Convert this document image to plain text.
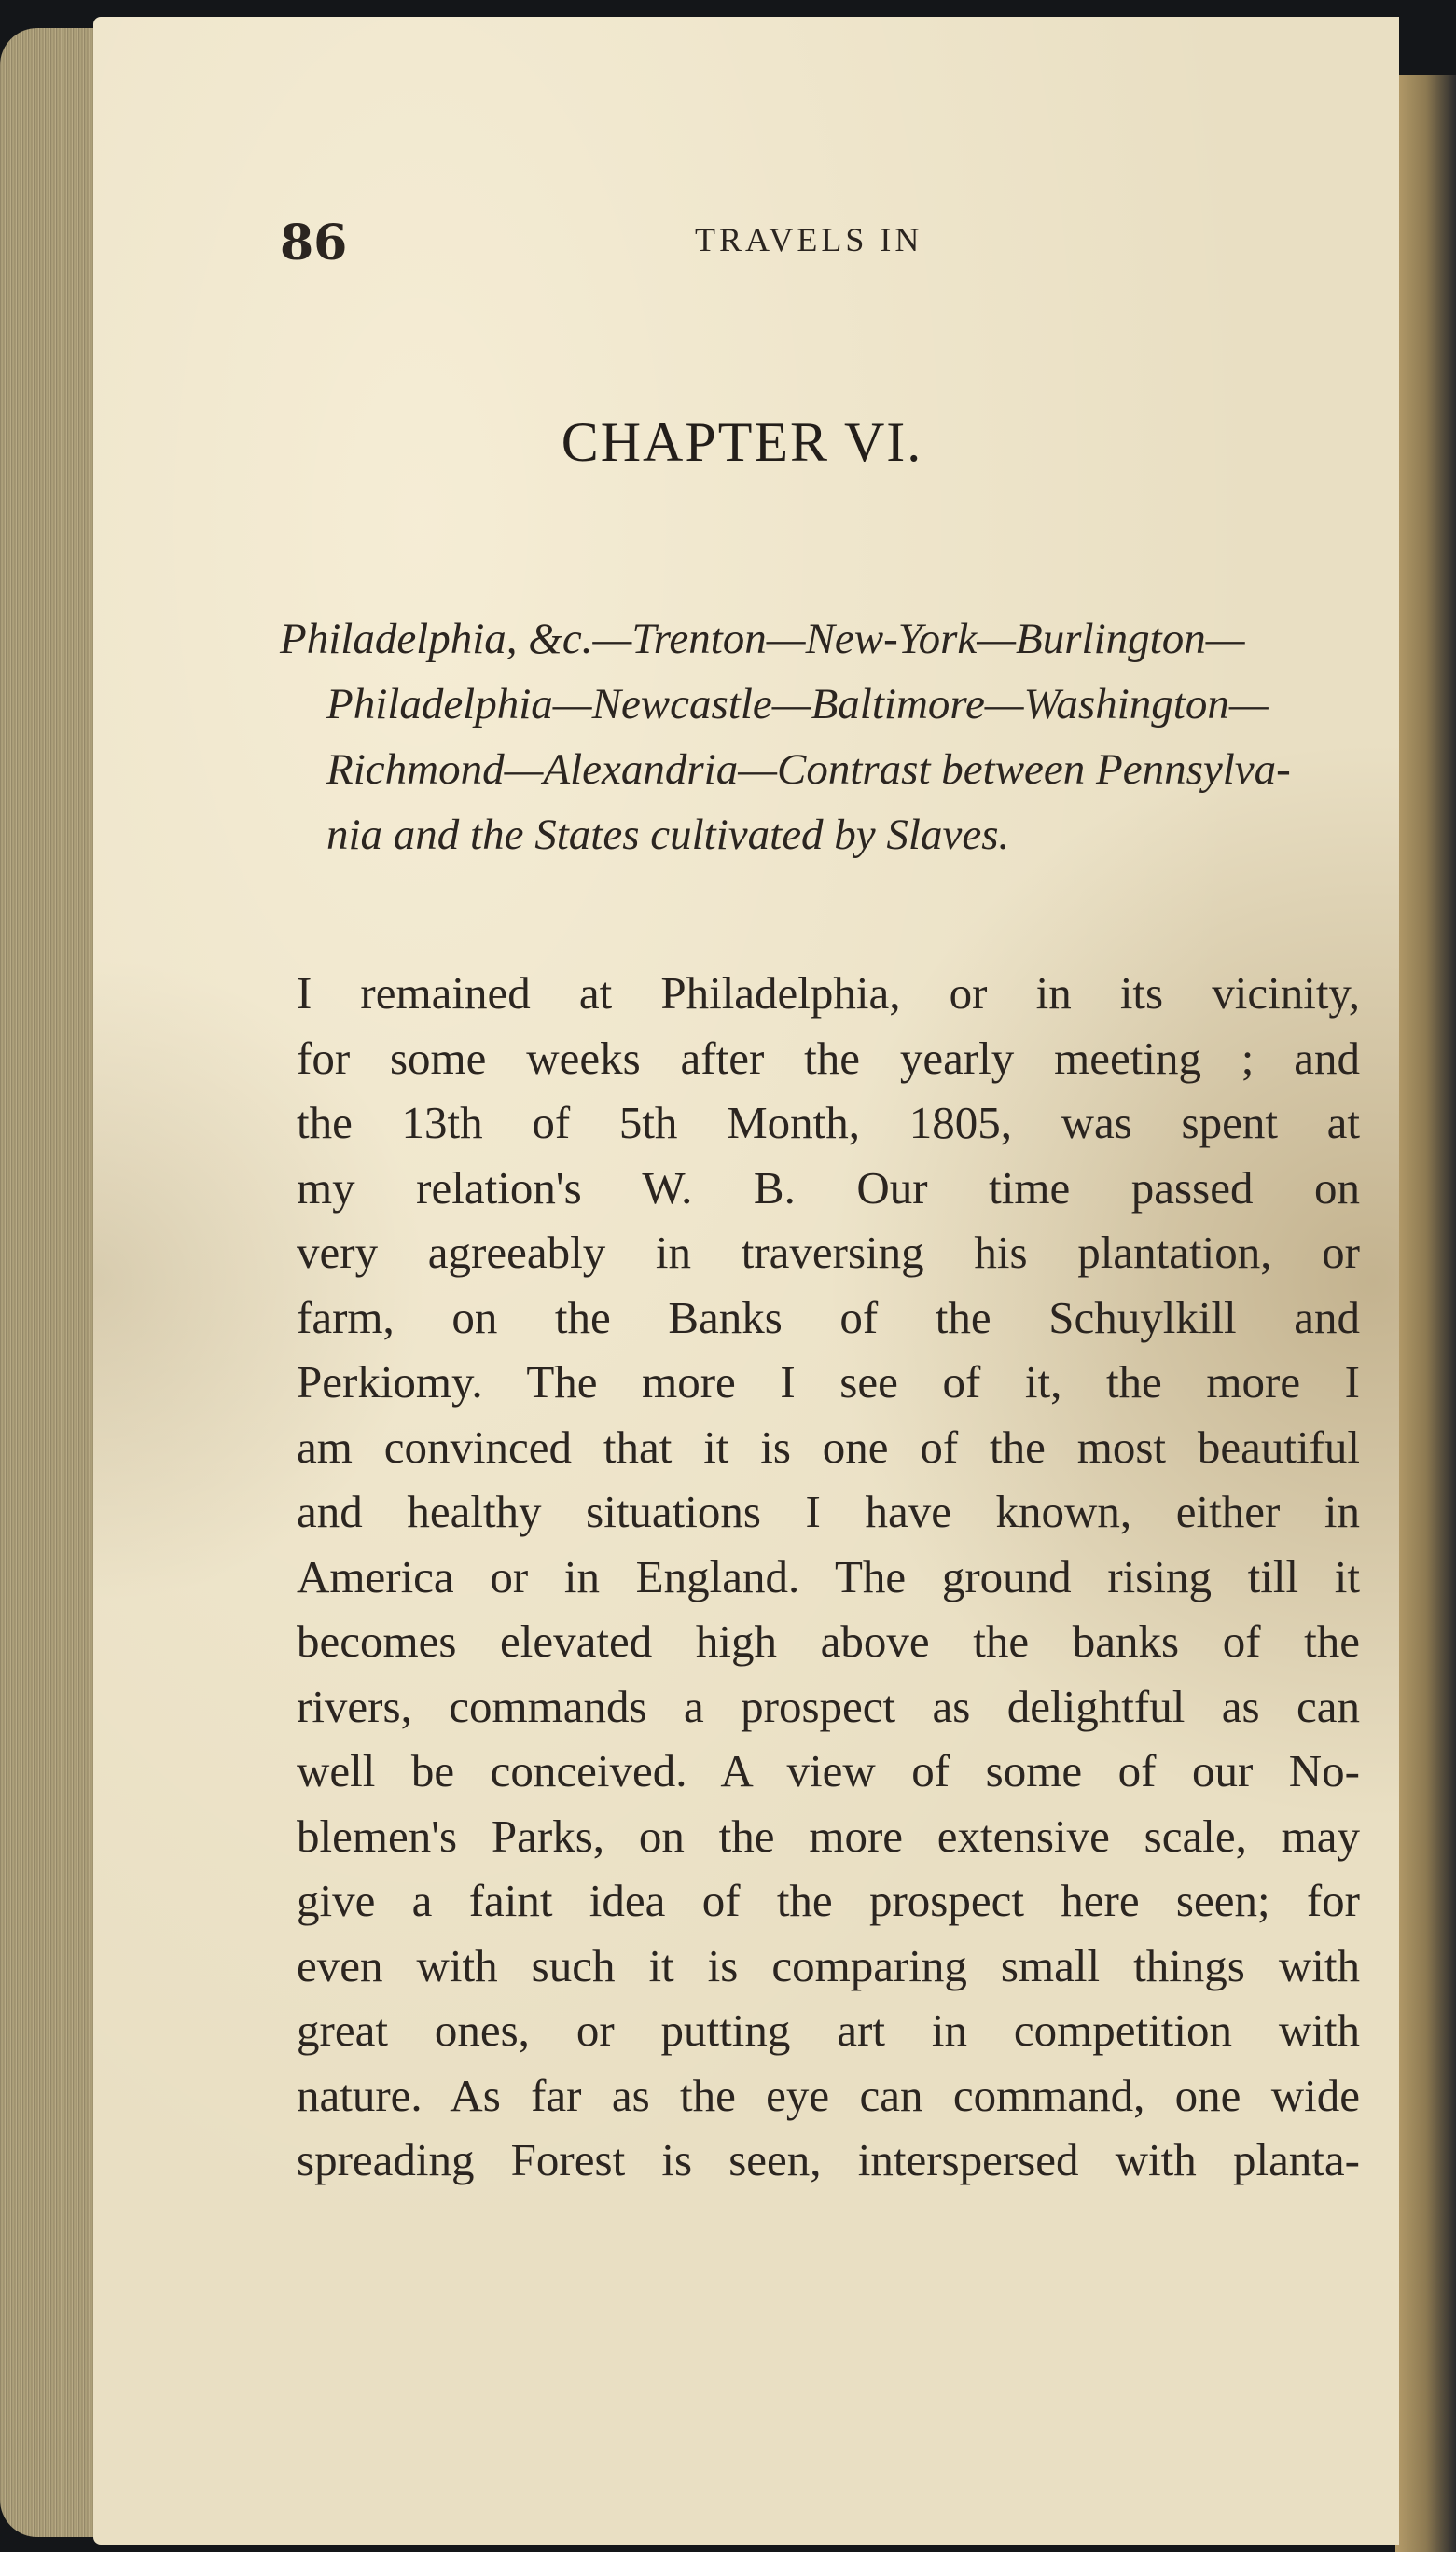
86	TRAVELS IN
CHAPTER VI.
Philadelphia, &c.—Trenton—New-York—Burlington—
Philadelphia—Newcastle—Baltimore—Washington—
Richmond—Alexandria—Contrast between Pennsylva-
nia and the States cultivated by Slaves.
I remained at Philadelphia, or in its vicinity,
for some weeks after the yearly meeting ; and
the 13th of 5th Month, 1805, was spent at
my relation's W. B. Our time passed on
very agreeably in traversing his plantation, or
farm, on the Banks of the Schuylkill and
Perkiomy. The more I see of it, the more I
am convinced that it is one of the most beautiful
and healthy situations I have known, either in
America or in England. The ground rising till it
becomes elevated high above the banks of the
rivers, commands a prospect as delightful as can
well be conceived. A view of some of our No-
blemen's Parks, on the more extensive scale, may
give a faint idea of the prospect here seen; for
even with such it is comparing small things with
great ones, or putting art in competition with
nature. As far as the eye can command, one wide
spreading Forest is seen, interspersed with planta-
